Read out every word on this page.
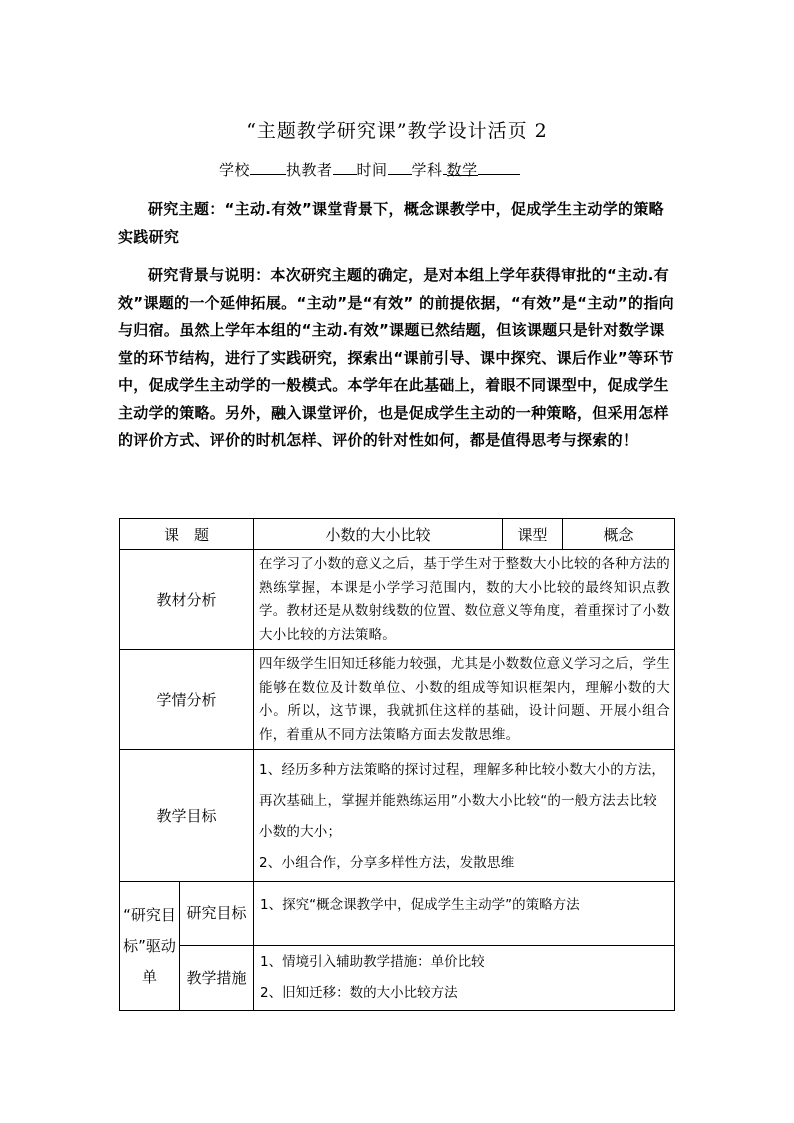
“主题教学研究课”教学设计活页 2
学校 执教者 时间 学科 数学
研究主题：“主动.有效”课堂背景下，概念课教学中，促成学生主动学的策略实践研究
研究背景与说明：本次研究主题的确定，是对本组上学年获得审批的“主动.有效”课题的一个延伸拓展。“主动”是“有效” 的前提依据，“有效”是“主动”的指向与归宿。虽然上学年本组的“主动.有效”课题已然结题，但该课题只是针对数学课堂的环节结构，进行了实践研究，探索出“课前引导、课中探究、课后作业”等环节中，促成学生主动学的一般模式。本学年在此基础上，着眼不同课型中，促成学生主动学的策略。另外，融入课堂评价，也是促成学生主动的一种策略，但采用怎样的评价方式、评价的时机怎样、评价的针对性如何，都是值得思考与探索的！
课　题		小数的大小比较	课型	概念
教材分析		在学习了小数的意义之后，基于学生对于整数大小比较的各种方法的熟练掌握，本课是小学学习范围内，数的大小比较的最终知识点教学。教材还是从数射线数的位置、数位意义等角度，着重探讨了小数大小比较的方法策略。		
学情分析		四年级学生旧知迁移能力较强，尤其是小数数位意义学习之后，学生能够在数位及计数单位、小数的组成等知识框架内，理解小数的大小。所以，这节课，我就抓住这样的基础，设计问题、开展小组合作，着重从不同方法策略方面去发散思维。		
教学目标		1、经历多种方法策略的探讨过程，理解多种比较小数大小的方法，再次基础上，掌握并能熟练运用”小数大小比较“的一般方法去比较小数的大小；
2、小组合作，分享多样性方法，发散思维		

“研究目标”驱动单	研究目标	1、探究“概念课教学中，促成学生主动学”的策略方法		
	教学措施	1、情境引入辅助教学措施：单价比较
2、旧知迁移：数的大小比较方法		
